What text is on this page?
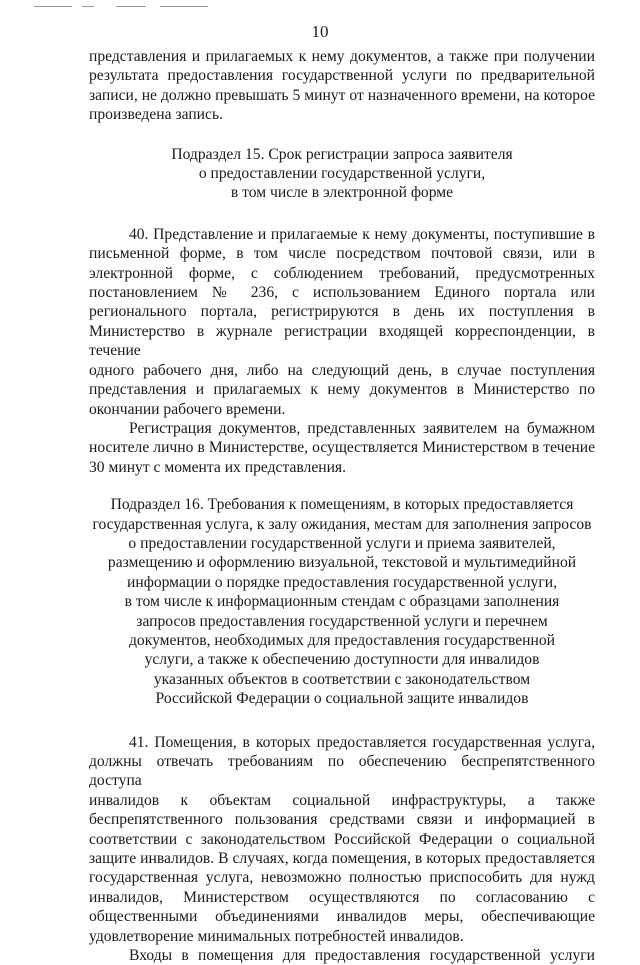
10

представления и прилагаемых к нему документов, а также при получении
результата предоставления государственной услуги по предварительной
записи, не должно превышать 5 минут от назначенного времени, на которое
произведена запись.

Подраздел 15. Срок регистрации запроса заявителя
о предоставлении государственной услуги,
в том числе в электронной форме

40. Представление и прилагаемые к нему документы, поступившие в
письменной форме, в том числе посредством почтовой связи, или в
электронной форме, с соблюдением требований, предусмотренных
постановлением № 236, с использованием Единого портала или
регионального портала, регистрируются в день их поступления в
Министерство в журнале регистрации входящей корреспонденции, в течение
одного рабочего дня, либо на следующий день, в случае поступления
представления и прилагаемых к нему документов в Министерство по
окончании рабочего времени.

Регистрация документов, представленных заявителем на бумажном
носителе лично в Министерстве, осуществляется Министерством в течение
30 минут с момента их представления.

Подраздел 16. Требования к помещениям, в которых предоставляется
государственная услуга, к залу ожидания, местам для заполнения запросов
о предоставлении государственной услуги и приема заявителей,
размещению и оформлению визуальной, текстовой и мультимедийной
информации о порядке предоставления государственной услуги,
в том числе к информационным стендам с образцами заполнения
запросов предоставления государственной услуги и перечнем
документов, необходимых для предоставления государственной
услуги, а также к обеспечению доступности для инвалидов
указанных объектов в соответствии с законодательством
Российской Федерации о социальной защите инвалидов

41. Помещения, в которых предоставляется государственная услуга,
должны отвечать требованиям по обеспечению беспрепятственного доступа
инвалидов к объектам социальной инфраструктуры, а также
беспрепятственного пользования средствами связи и информацией в
соответствии с законодательством Российской Федерации о социальной
защите инвалидов. В случаях, когда помещения, в которых предоставляется
государственная услуга, невозможно полностью приспособить для нужд
инвалидов, Министерством осуществляются по согласованию с
общественными объединениями инвалидов меры, обеспечивающие
удовлетворение минимальных потребностей инвалидов.

Входы в помещения для предоставления государственной услуги
